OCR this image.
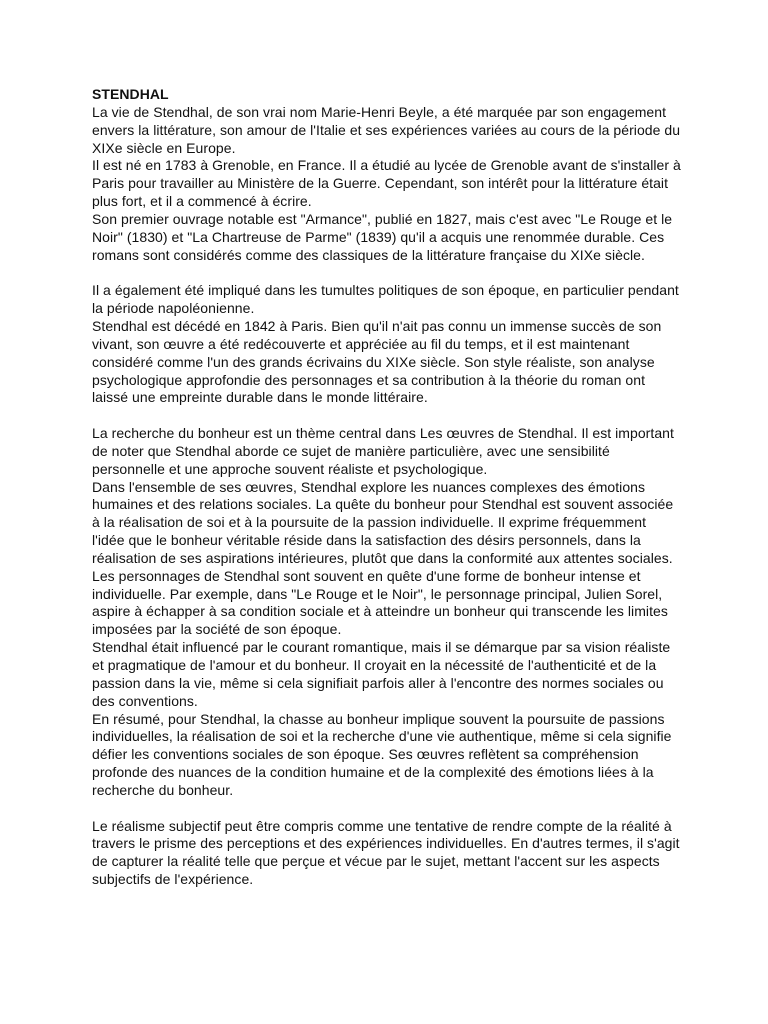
STENDHAL

La vie de Stendhal, de son vrai nom Marie-Henri Beyle, a été marquée par son engagement envers la littérature, son amour de l'Italie et ses expériences variées au cours de la période du XIXe siècle en Europe.

Il est né en 1783 à Grenoble, en France. Il a étudié au lycée de Grenoble avant de s'installer à Paris pour travailler au Ministère de la Guerre. Cependant, son intérêt pour la littérature était plus fort, et il a commencé à écrire.

Son premier ouvrage notable est "Armance", publié en 1827, mais c'est avec "Le Rouge et le Noir" (1830) et "La Chartreuse de Parme" (1839) qu'il a acquis une renommée durable. Ces romans sont considérés comme des classiques de la littérature française du XIXe siècle.

Il a également été impliqué dans les tumultes politiques de son époque, en particulier pendant la période napoléonienne.

Stendhal est décédé en 1842 à Paris. Bien qu'il n'ait pas connu un immense succès de son vivant, son œuvre a été redécouverte et appréciée au fil du temps, et il est maintenant considéré comme l'un des grands écrivains du XIXe siècle. Son style réaliste, son analyse psychologique approfondie des personnages et sa contribution à la théorie du roman ont laissé une empreinte durable dans le monde littéraire.

La recherche du bonheur est un thème central dans Les œuvres de Stendhal. Il est important de noter que Stendhal aborde ce sujet de manière particulière, avec une sensibilité personnelle et une approche souvent réaliste et psychologique.

Dans l'ensemble de ses œuvres, Stendhal explore les nuances complexes des émotions humaines et des relations sociales. La quête du bonheur pour Stendhal est souvent associée à la réalisation de soi et à la poursuite de la passion individuelle. Il exprime fréquemment l'idée que le bonheur véritable réside dans la satisfaction des désirs personnels, dans la réalisation de ses aspirations intérieures, plutôt que dans la conformité aux attentes sociales.

Les personnages de Stendhal sont souvent en quête d'une forme de bonheur intense et individuelle. Par exemple, dans "Le Rouge et le Noir", le personnage principal, Julien Sorel, aspire à échapper à sa condition sociale et à atteindre un bonheur qui transcende les limites imposées par la société de son époque.

Stendhal était influencé par le courant romantique, mais il se démarque par sa vision réaliste et pragmatique de l'amour et du bonheur. Il croyait en la nécessité de l'authenticité et de la passion dans la vie, même si cela signifiait parfois aller à l'encontre des normes sociales ou des conventions.

En résumé, pour Stendhal, la chasse au bonheur implique souvent la poursuite de passions individuelles, la réalisation de soi et la recherche d'une vie authentique, même si cela signifie défier les conventions sociales de son époque. Ses œuvres reflètent sa compréhension profonde des nuances de la condition humaine et de la complexité des émotions liées à la recherche du bonheur.

Le réalisme subjectif peut être compris comme une tentative de rendre compte de la réalité à travers le prisme des perceptions et des expériences individuelles. En d'autres termes, il s'agit de capturer la réalité telle que perçue et vécue par le sujet, mettant l'accent sur les aspects subjectifs de l'expérience.
